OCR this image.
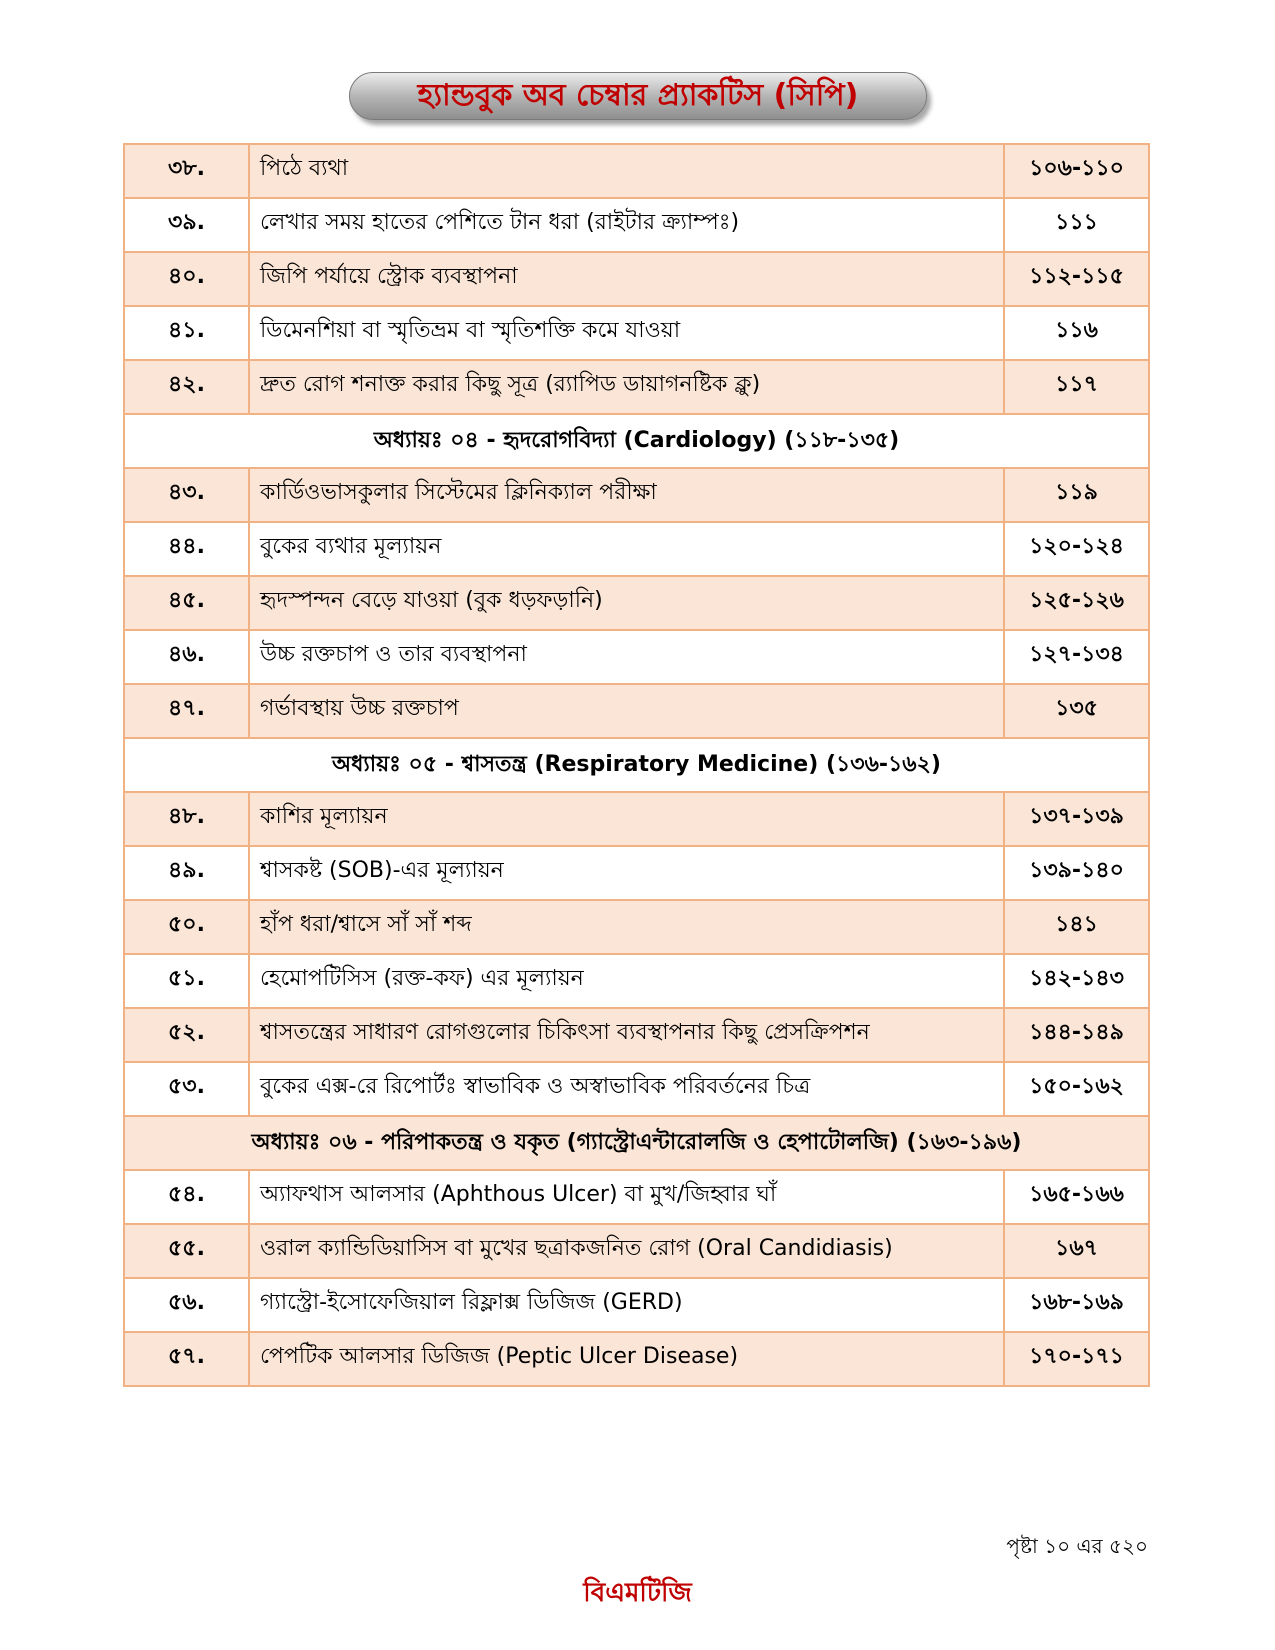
হ্যান্ডবুক অব চেম্বার প্র্যাকটিস (সিপি)
৩৮.	পিঠে ব্যথা	১০৬-১১০
৩৯.	লেখার সময় হাতের পেশিতে টান ধরা (রাইটার ক্র্যাম্পঃ)	১১১
৪০.	জিপি পর্যায়ে স্ট্রোক ব্যবস্থাপনা	১১২-১১৫
৪১.	ডিমেনশিয়া বা স্মৃতিভ্রম বা স্মৃতিশক্তি কমে যাওয়া	১১৬
৪২.	দ্রুত রোগ শনাক্ত করার কিছু সূত্র (র‍্যাপিড ডায়াগনষ্টিক ক্লু)	১১৭
অধ্যায়ঃ ০৪ - হৃদরোগবিদ্যা (Cardiology) (১১৮-১৩৫)		
৪৩.	কার্ডিওভাসকুলার সিস্টেমের ক্লিনিক্যাল পরীক্ষা	১১৯
৪৪.	বুকের ব্যথার মূল্যায়ন	১২০-১২৪
৪৫.	হৃদস্পন্দন বেড়ে যাওয়া (বুক ধড়ফড়ানি)	১২৫-১২৬
৪৬.	উচ্চ রক্তচাপ ও তার ব্যবস্থাপনা	১২৭-১৩৪
৪৭.	গর্ভাবস্থায় উচ্চ রক্তচাপ	১৩৫
অধ্যায়ঃ ০৫ - শ্বাসতন্ত্র (Respiratory Medicine) (১৩৬-১৬২)		
৪৮.	কাশির মূল্যায়ন	১৩৭-১৩৯
৪৯.	শ্বাসকষ্ট (SOB)-এর মূল্যায়ন	১৩৯-১৪০
৫০.	হাঁপ ধরা/শ্বাসে সাঁ সাঁ শব্দ	১৪১
৫১.	হেমোপটিসিস (রক্ত-কফ) এর মূল্যায়ন	১৪২-১৪৩
৫২.	শ্বাসতন্ত্রের সাধারণ রোগগুলোর চিকিৎসা ব্যবস্থাপনার কিছু প্রেসক্রিপশন	১৪৪-১৪৯
৫৩.	বুকের এক্স-রে রিপোর্টঃ স্বাভাবিক ও অস্বাভাবিক পরিবর্তনের চিত্র	১৫০-১৬২
অধ্যায়ঃ ০৬ - পরিপাকতন্ত্র ও যকৃত (গ্যাস্ট্রোএন্টারোলজি ও হেপাটোলজি) (১৬৩-১৯৬)		
৫৪.	অ্যাফথাস আলসার (Aphthous Ulcer) বা মুখ/জিহ্বার ঘাঁ	১৬৫-১৬৬
৫৫.	ওরাল ক্যান্ডিডিয়াসিস বা মুখের ছত্রাকজনিত রোগ (Oral Candidiasis)	১৬৭
৫৬.	গ্যাস্ট্রো-ইসোফেজিয়াল রিফ্লাক্স ডিজিজ (GERD)	১৬৮-১৬৯
৫৭.	পেপটিক আলসার ডিজিজ (Peptic Ulcer Disease)	১৭০-১৭১
পৃষ্টা ১০ এর ৫২০
বিএমটিজি
